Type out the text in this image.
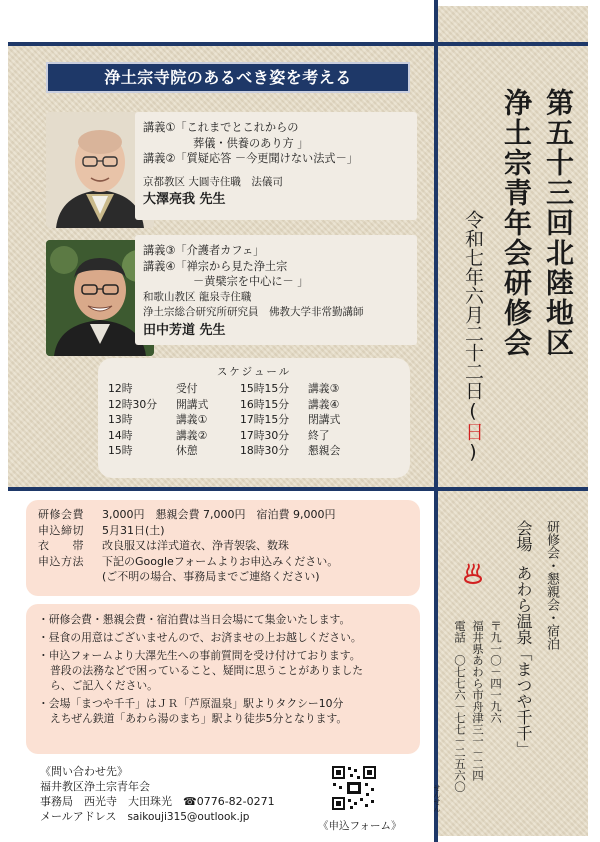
浄土宗寺院のあるべき姿を考える
講義①「これまでとこれからの
葬儀・供養のあり方 」
講義②「質疑応答 －今更聞けない法式－」
京都教区 大圓寺住職　法儀司
大澤亮我 先生
講義③「介護者カフェ」
講義④「禅宗から見た浄土宗
－黄檗宗を中心に－ 」
和歌山教区 龍泉寺住職
浄土宗総合研究所研究員　佛教大学非常勤講師
田中芳道 先生
スケジュール
12時	受付	15時15分	講義③
12時30分	開講式	16時15分	講義④
13時	講義①	17時15分	閉講式
14時	講義②	17時30分	終了
15時	休憩	18時30分	懇親会
第五十三回北陸地区
浄土宗青年会研修会
令和七年六月二十二日(日)
研修会・懇親会・宿泊
会場
あわら温泉「まつや千千」
〒九一〇－四一九六
福井県あわら市舟津三一－二四
電話　〇七七六－七七－二五六〇
せんせん
研修会費	3,000円　懇親会費 7,000円　宿泊費 9,000円
申込締切	5月31日(土)
衣　　帯	改良服又は洋式道衣、浄青袈裟、数珠
申込方法	下記のGoogleフォームよりお申込みください。
(ご不明の場合、事務局までご連絡ください)
・研修会費・懇親会費・宿泊費は当日会場にて集金いたします。
・昼食の用意はございませんので、お済ませの上お越しください。
・申込フォームより大澤先生への事前質問を受け付けております。
普段の法務などで困っていること、疑問に思うことがありました
ら、ご記入ください。
・会場「まつや千千」はＪＲ「芦原温泉」駅よりタクシー10分
えちぜん鉄道「あわら湯のまち」駅より徒歩5分となります。
《問い合わせ先》
福井教区浄土宗青年会
事務局　西光寺　大田珠光　 ☎0776-82-0271
メールアドレス　 saikouji315@outlook.jp
《申込フォーム》
